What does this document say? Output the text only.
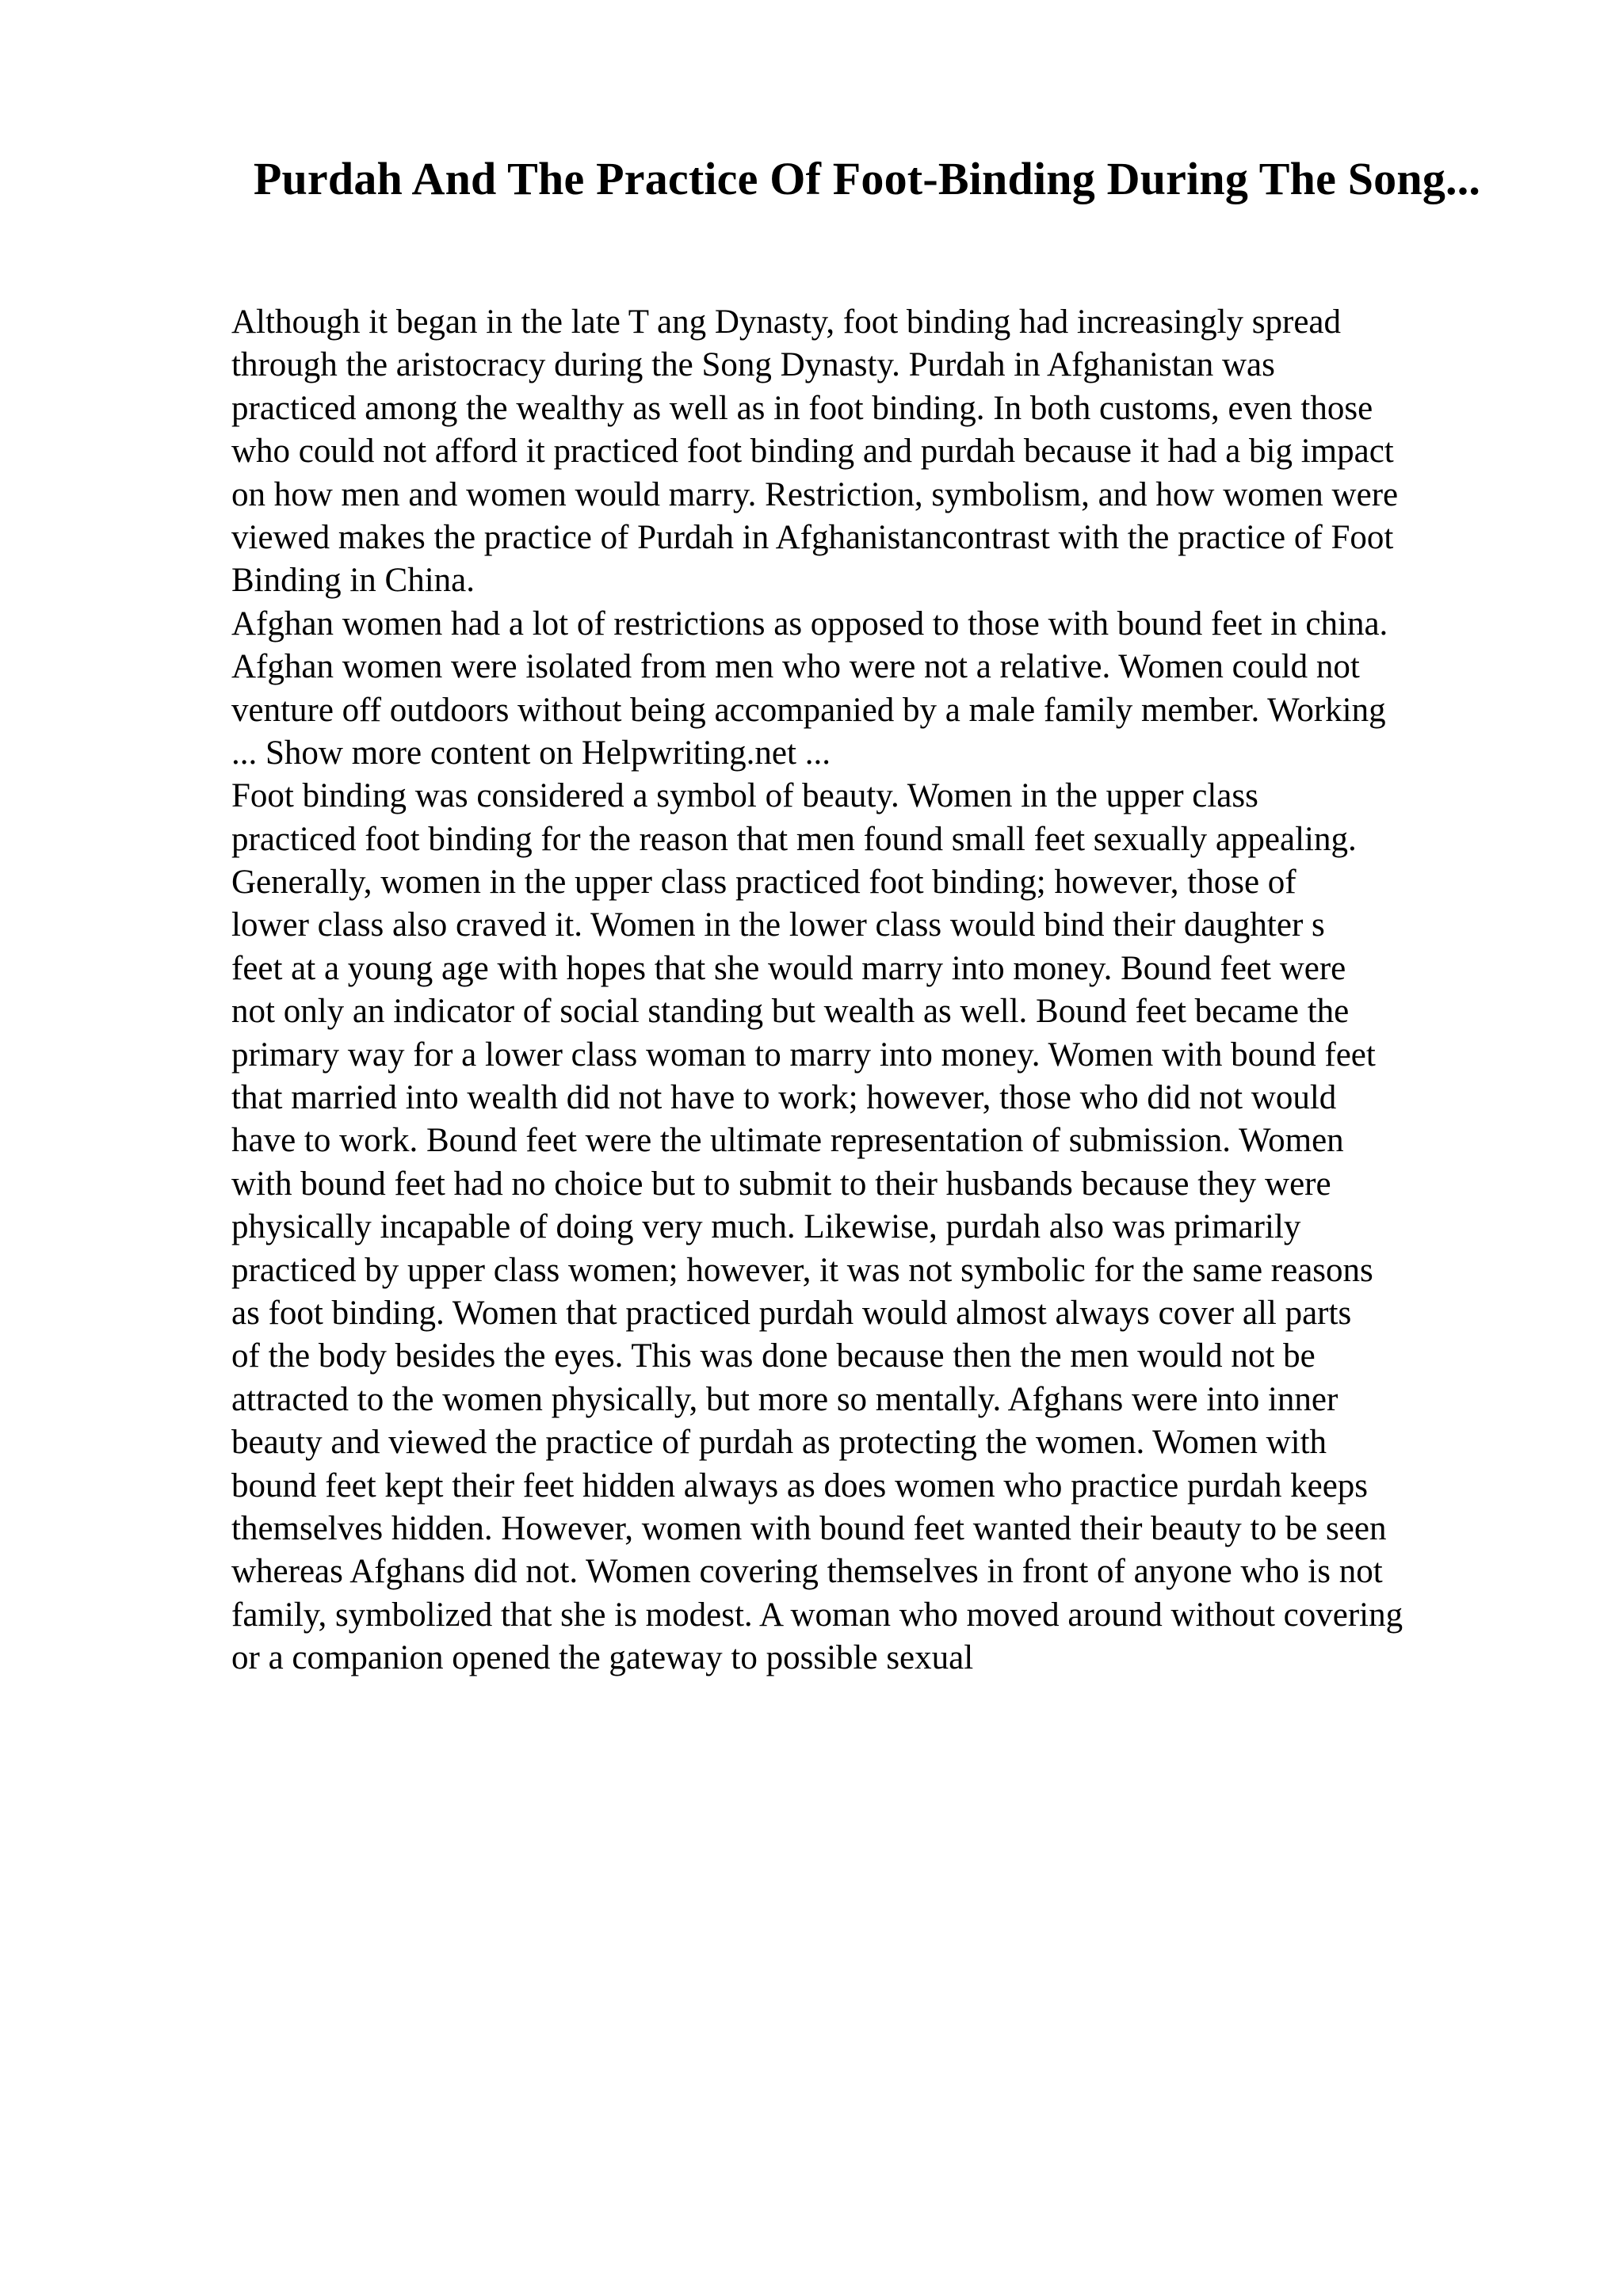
Purdah And The Practice Of Foot-Binding During The Song...
Although it began in the late T ang Dynasty, foot binding had increasingly spread
through the aristocracy during the Song Dynasty. Purdah in Afghanistan was
practiced among the wealthy as well as in foot binding. In both customs, even those
who could not afford it practiced foot binding and purdah because it had a big impact
on how men and women would marry. Restriction, symbolism, and how women were
viewed makes the practice of Purdah in Afghanistancontrast with the practice of Foot
Binding in China.
Afghan women had a lot of restrictions as opposed to those with bound feet in china.
Afghan women were isolated from men who were not a relative. Women could not
venture off outdoors without being accompanied by a male family member. Working
... Show more content on Helpwriting.net ...
Foot binding was considered a symbol of beauty. Women in the upper class
practiced foot binding for the reason that men found small feet sexually appealing.
Generally, women in the upper class practiced foot binding; however, those of
lower class also craved it. Women in the lower class would bind their daughter s
feet at a young age with hopes that she would marry into money. Bound feet were
not only an indicator of social standing but wealth as well. Bound feet became the
primary way for a lower class woman to marry into money. Women with bound feet
that married into wealth did not have to work; however, those who did not would
have to work. Bound feet were the ultimate representation of submission. Women
with bound feet had no choice but to submit to their husbands because they were
physically incapable of doing very much. Likewise, purdah also was primarily
practiced by upper class women; however, it was not symbolic for the same reasons
as foot binding. Women that practiced purdah would almost always cover all parts
of the body besides the eyes. This was done because then the men would not be
attracted to the women physically, but more so mentally. Afghans were into inner
beauty and viewed the practice of purdah as protecting the women. Women with
bound feet kept their feet hidden always as does women who practice purdah keeps
themselves hidden. However, women with bound feet wanted their beauty to be seen
whereas Afghans did not. Women covering themselves in front of anyone who is not
family, symbolized that she is modest. A woman who moved around without covering
or a companion opened the gateway to possible sexual
